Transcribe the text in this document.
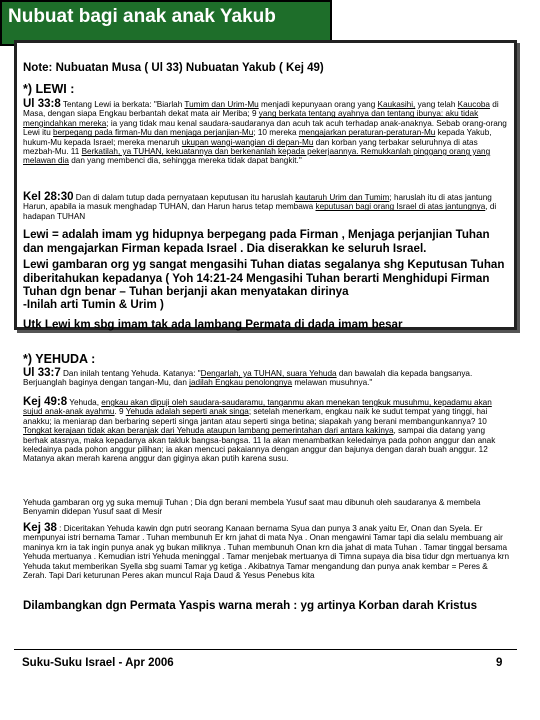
Nubuat bagi anak anak Yakub
Note: Nubuatan Musa ( Ul 33) Nubuatan Yakub ( Kej 49)
*) LEWI :

Ul 33:8 Tentang Lewi ia berkata: "Biarlah Tumim dan Urim-Mu menjadi kepunyaan orang yang Kaukasihi, yang telah Kaucoba di Masa, dengan siapa Engkau berbantah dekat mata air Meriba; 9 yang berkata tentang ayahnya dan tentang ibunya: aku tidak mengindahkan mereka; ia yang tidak mau kenal saudara-saudaranya dan acuh tak acuh terhadap anak-anaknya. Sebab orang-orang Lewi itu berpegang pada firman-Mu dan menjaga perjanjian-Mu; 10 mereka mengajarkan peraturan-peraturan-Mu kepada Yakub, hukum-Mu kepada Israel; mereka menaruh ukupan wangi-wangian di depan-Mu dan korban yang terbakar seluruhnya di atas mezbah-Mu. 11 Berkatilah, ya TUHAN, kekuatannya dan berkenanlah kepada pekerjaannya. Remukkanlah pinggang orang yang melawan dia dan yang membenci dia, sehingga mereka tidak dapat bangkit."

Kel 28:30 Dan di dalam tutup dada pernyataan keputusan itu haruslah kautaruh Urim dan Tumim; haruslah itu di atas jantung Harun, apabila ia masuk menghadap TUHAN, dan Harun harus tetap membawa keputusan bagi orang Israel di atas jantungnya, di hadapan TUHAN

Lewi = adalah imam yg hidupnya berpegang pada Firman , Menjaga perjanjian Tuhan dan mengajarkan Firman kepada Israel . Dia diserakkan ke seluruh Israel.
Lewi gambaran org yg sangat mengasihi Tuhan diatas segalanya shg Keputusan Tuhan diberitahukan kepadanya ( Yoh 14:21-24 Mengasihi Tuhan berarti Menghidupi Firman Tuhan dgn benar – Tuhan berjanji akan menyatakan dirinya
-Inilah arti Tumin & Urim )
Utk Lewi km sbg imam tak ada lambang Permata di dada imam besar
*) YEHUDA :

Ul 33:7 Dan inilah tentang Yehuda. Katanya: "Dengarlah, ya TUHAN, suara Yehuda dan bawalah dia kepada bangsanya. Berjuanglah baginya dengan tangan-Mu, dan jadilah Engkau penolongnya melawan musuhnya."

Kej 49:8 Yehuda, engkau akan dipuji oleh saudara-saudaramu, tanganmu akan menekan tengkuk musuhmu, kepadamu akan sujud anak-anak ayahmu. 9 Yehuda adalah seperti anak singa; setelah menerkam, engkau naik ke sudut tempat yang tinggi, hai anakku; ia meniarap dan berbaring seperti singa jantan atau seperti singa betina; siapakah yang berani membangunkannya? 10 Tongkat kerajaan tidak akan beranjak dari Yehuda ataupun lambang pemerintahan dari antara kakinya, sampai dia datang yang berhak atasnya, maka kepadanya akan takluk bangsa-bangsa. 11 Ia akan menambatkan keledainya pada pohon anggur dan anak keledainya pada pohon anggur pilihan; ia akan mencuci pakaiannya dengan anggur dan bajunya dengan darah buah anggur. 12 Matanya akan merah karena anggur dan giginya akan putih karena susu.

Yehuda gambaran org yg suka memuji Tuhan ; Dia dgn berani membela Yusuf saat mau dibunuh oleh saudaranya & membela Benyamin didepan Yusuf saat di Mesir

Kej 38 : Diceritakan Yehuda kawin dgn putri seorang Kanaan bernama Syua dan punya 3 anak yaitu Er, Onan dan Syela. Er mempunyai istri bernama Tamar . Tuhan membunuh Er krn jahat di mata Nya . Onan mengawini Tamar tapi dia selalu membuang air maninya krn ia tak ingin punya anak yg bukan miliknya . Tuhan membunuh Onan krn dia jahat di mata Tuhan . Tamar tinggal bersama Yehuda mertuanya . Kemudian istri Yehuda meninggal . Tamar menjebak mertuanya di Timna supaya dia bisa tidur dgn mertuanya krn Yehuda takut memberikan Syella sbg suami Tamar yg ketiga . Akibatnya Tamar mengandung dan punya anak kembar = Peres & Zerah. Tapi Dari keturunan Peres akan muncul Raja Daud & Yesus Penebus kita

Dilambangkan dgn Permata Yaspis warna merah : yg artinya Korban darah Kristus
Suku-Suku Israel - Apr 2006	9
